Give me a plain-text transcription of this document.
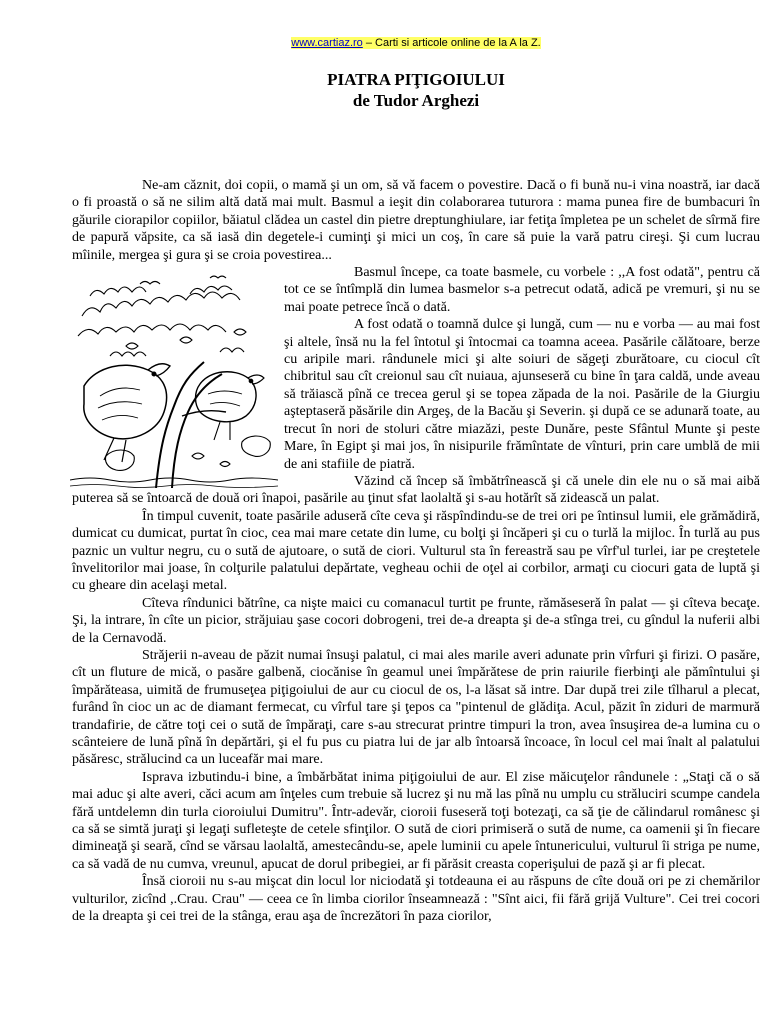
www.cartiaz.ro – Carti si articole online de la A la Z.
PIATRA PIŢIGOIULUI
de Tudor Arghezi

Ne-am căznit, doi copii, o mamă şi un om, să vă facem o povestire. Dacă o fi bună nu-i vina noastră, iar dacă o fi proastă o să ne silim altă dată mai mult. Basmul a ieşit din colaborarea tuturora : mama punea fire de bumbacuri în găurile ciorapilor copiilor, băiatul clădea un castel din pietre dreptunghiulare, iar fetiţa împletea pe un schelet de sîrmă fire de papură văpsite, ca să iasă din degetele-i cuminţi şi mici un coş, în care să puie la vară patru cireşi. Şi cum lucrau mîinile, mergea şi gura şi se croia povestirea...

Basmul începe, ca toate basmele, cu vorbele : ,,A fost odată", pentru că tot ce se întîmplă din lumea basmelor s-a petrecut odată, adică pe vremuri, şi nu se mai poate petrece încă o dată.

A fost odată o toamnă dulce şi lungă, cum — nu e vorba — au mai fost şi altele, însă nu la fel întotul şi întocmai ca toamna aceea. Pasările călătoare, berze cu aripile mari. rândunele mici şi alte soiuri de săgeţi zburătoare, cu ciocul cît chibritul sau cît creionul sau cît nuiaua, ajunseseră cu bine în ţara caldă, unde aveau să trăiască pînă ce trecea gerul şi se topea zăpada de la noi. Pasările de la Giurgiu aşteptaseră păsările din Argeş, de la Bacău şi Severin. şi după ce se adunară toate, au trecut în nori de stoluri către miazăzi, peste Dunăre, peste Sfântul Munte şi peste Mare, în Egipt şi mai jos, în nisipurile frămîntate de vînturi, prin care umblă de mii de ani stafiile de piatră.

Văzind că încep să îmbătrînească şi că unele din ele nu o să mai aibă puterea să se întoarcă de două ori înapoi, pasările au ţinut sfat laolaltă şi s-au hotărît să zidească un palat.

În timpul cuvenit, toate pasările aduseră cîte ceva şi răspîndindu-se de trei ori pe întinsul lumii, ele grămădiră, dumicat cu dumicat, purtat în cioc, cea mai mare cetate din lume, cu bolţi şi încăperi şi cu o turlă la mijloc. În turlă au pus paznic un vultur negru, cu o sută de ajutoare, o sută de ciori. Vulturul sta în fereastră sau pe vîrf'ul turlei, iar pe creştetele învelitorilor mai joase, în colţurile palatului depărtate, vegheau ochii de oţel ai corbilor, armaţi cu ciocuri gata de luptă şi cu gheare din acelaşi metal.

Cîteva rîndunici bătrîne, ca nişte maici cu comanacul turtit pe frunte, rămăseseră în palat — şi cîteva becaţe. Şi, la intrare, în cîte un picior, străjuiau şase cocori dobrogeni, trei de-a dreapta şi de-a stînga trei, cu gîndul la nuferii albi de la Cernavodă.

Străjerii n-aveau de păzit numai însuşi palatul, ci mai ales marile averi adunate prin vîrfuri şi firizi. O pasăre, cît un fluture de mică, o pasăre galbenă, ciocănise în geamul unei împărătese de prin raiurile fierbinţi ale pămîntului şi împărăteasa, uimită de frumuseţea piţigoiului de aur cu ciocul de os, l-a lăsat să intre. Dar după trei zile tîlharul a plecat, furând în cioc un ac de diamant fermecat, cu vîrful tare şi ţepos ca "pintenul de glădiţa. Acul, păzit în ziduri de marmură trandafirie, de către toţi cei o sută de împăraţi, care s-au strecurat printre timpuri la tron, avea însuşirea de-a lumina cu o scânteiere de lună pînă în depărtări, şi el fu pus cu piatra lui de jar alb întoarsă încoace, în locul cel mai înalt al palatului păsăresc, strălucind ca un luceafăr mai mare.

Isprava izbutindu-i bine, a îmbărbătat inima piţigoiului de aur. El zise măicuţelor rândunele : „Staţi că o să mai aduc şi alte averi, căci acum am înţeles cum trebuie să lucrez şi nu mă las pînă nu umplu cu străluciri scumpe candela fără untdelemn din turla cioroiului Dumitru". Într-adevăr, cioroii fuseseră toţi botezaţi, ca să ţie de călindarul românesc şi ca să se simtă juraţi şi legaţi sufleteşte de cetele sfinţilor. O sută de ciori primiseră o sută de nume, ca oamenii şi în fiecare dimineaţă şi seară, cînd se vărsau laolaltă, amestecându-se, apele luminii cu apele întunericului, vulturul îi striga pe nume, ca să vadă de nu cumva, vreunul, apucat de dorul pribegiei, ar fi părăsit creasta coperişului de pază şi ar fi plecat.

Însă cioroii nu s-au mişcat din locul lor niciodată şi totdeauna ei au răspuns de cîte două ori pe zi chemărilor vulturilor, zicînd ,.Crau. Crau" — ceea ce în limba ciorilor înseamnează : "Sînt aici, fii fără grijă Vulture". Cei trei cocori de la dreapta şi cei trei de la stânga, erau aşa de încrezători în paza ciorilor,
